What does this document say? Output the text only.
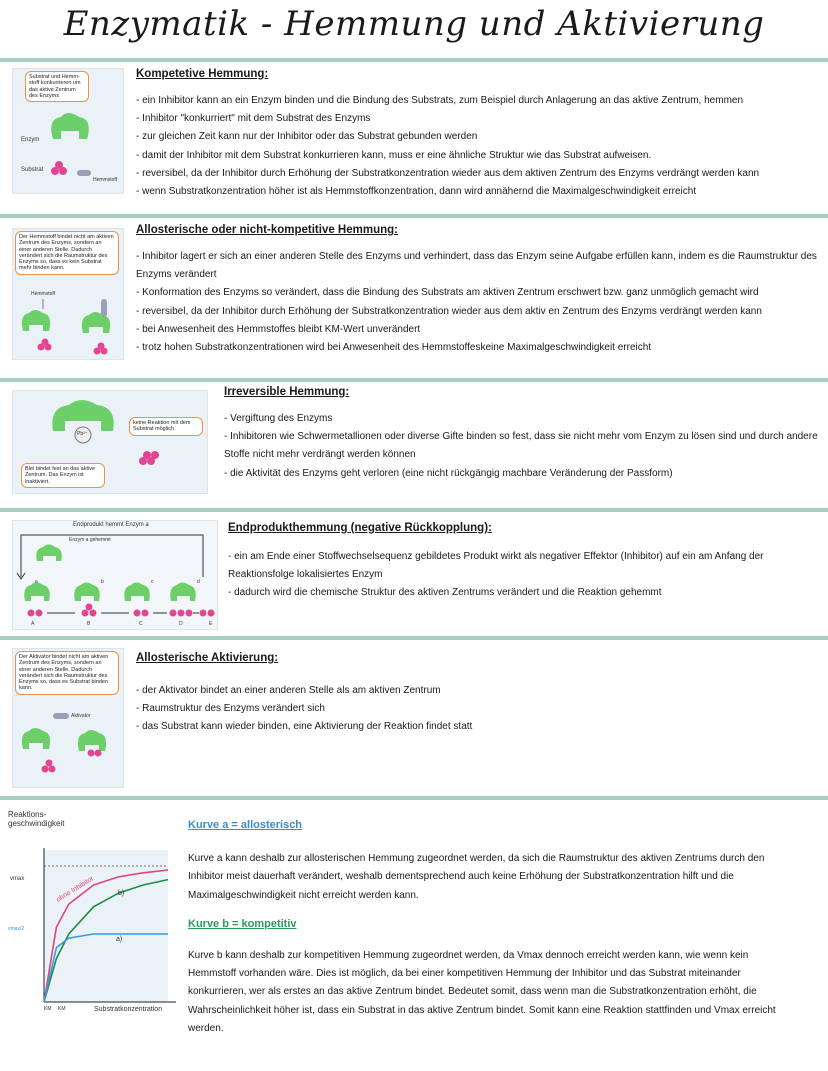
Enzymatik - Hemmung und Aktivierung
Substrat und Hemm-stoff konkurrieren um das aktive Zentrum des Enzyms
Enzym
Substrat
Hemmstoff
Kompetetive Hemmung:
- ein Inhibitor kann an ein Enzym binden und die Bindung des Substrats, zum Beispiel durch Anlagerung an das aktive Zentrum, hemmen
- Inhibitor "konkurriert" mit dem Substrat des Enzyms
- zur gleichen Zeit kann nur der Inhibitor oder das Substrat gebunden werden
- damit der Inhibitor mit dem Substrat konkurrieren kann, muss er eine ähnliche Struktur wie das Substrat aufweisen.
- reversibel, da der Inhibitor durch Erhöhung der Substratkonzentration wieder aus dem aktiven Zentrum des Enzyms verdrängt werden kann
- wenn Substratkonzentration höher ist als Hemmstoffkonzentration, dann wird annähernd die Maximalgeschwindigkeit erreicht
Der Hemmstoff bindet nicht am aktiven Zentrum des Enzyms, sondern an einer anderen Stelle. Dadurch verändert sich die Raumstruktur des Enzyms so, dass es kein Substrat mehr binden kann.
Hemmstoff
Allosterische oder nicht-kompetitive Hemmung:
- Inhibitor lagert er sich an einer anderen Stelle des Enzyms und verhindert, dass das Enzym seine Aufgabe erfüllen kann, indem es die Raumstruktur des Enzyms verändert
- Konformation des Enzyms so verändert, dass die Bindung des Substrats am aktiven Zentrum erschwert bzw. ganz unmöglich gemacht wird
- reversibel, da der Inhibitor durch Erhöhung der Substratkonzentration wieder aus dem aktiv en Zentrum des Enzyms verdrängt werden kann
- bei Anwesenheit des Hemmstoffes bleibt KM-Wert unverändert
- trotz hohen Substratkonzentrationen wird bei Anwesenheit des Hemmstoffeskeine Maximalgeschwindigkeit erreicht
Pb²⁺
keine Reaktion mit dem Substrat möglich
Blei bindet fest an das aktive Zentrum. Das Enzym ist inaktiviert.
Irreversible Hemmung:
- Vergiftung des Enzyms
- Inhibitoren wie Schwermetallionen oder diverse Gifte binden so fest, dass sie nicht mehr vom Enzym zu lösen sind und durch andere Stoffe nicht mehr verdrängt werden können
- die Aktivität des Enzyms geht verloren (eine nicht rückgängig machbare Veränderung der Passform)
Endprodukt hemmt Enzym a
Enzym a gehemmt
a	b	c	d
A	B	C	D	E
Endprodukthemmung (negative Rückkopplung):
- ein am Ende einer Stoffwechselsequenz gebildetes Produkt wirkt als negativer Effektor (Inhibitor) auf ein am Anfang der Reaktionsfolge lokalisiertes Enzym
- dadurch wird die chemische Struktur des aktiven Zentrums verändert und die Reaktion gehemmt
Der Aktivator bindet nicht am aktiven Zentrum des Enzyms, sondern an einer anderen Stelle. Dadurch verändert sich die Raumstruktur des Enzyms so, dass es Substrat binden kann.
Aktivator
Allosterische Aktivierung:
- der Aktivator bindet an einer anderen Stelle als am aktiven Zentrum
- Raumstruktur des Enzyms verändert sich
- das Substrat kann wieder binden, eine Aktivierung der Reaktion findet statt
Reaktions-
geschwindigkeit
Substratkonzentration
vmax
vmax/2
KM KM
ohne Inhibitor	b)
a)
Kurve a = allosterisch

Kurve a kann deshalb zur allosterischen Hemmung zugeordnet werden, da sich die Raumstruktur des aktiven Zentrums durch den Inhibitor meist dauerhaft verändert, weshalb dementsprechend auch keine Erhöhung der Substratkonzentration hilft und die Maximalgeschwindigkeit nicht erreicht werden kann.

Kurve b = kompetitiv

Kurve b kann deshalb zur kompetitiven Hemmung zugeordnet werden, da Vmax dennoch erreicht werden kann, wie wenn kein Hemmstoff vorhanden wäre. Dies ist möglich, da bei einer kompetitiven Hemmung der Inhibitor und das Substrat miteinander konkurrieren, wer als erstes an das aktive Zentrum bindet. Bedeutet somit, dass wenn man die Substratkonzentration erhöht, die Wahrscheinlichkeit höher ist, dass ein Substrat in das aktive Zentrum bindet. Somit kann eine Reaktion stattfinden und Vmax erreicht werden.
